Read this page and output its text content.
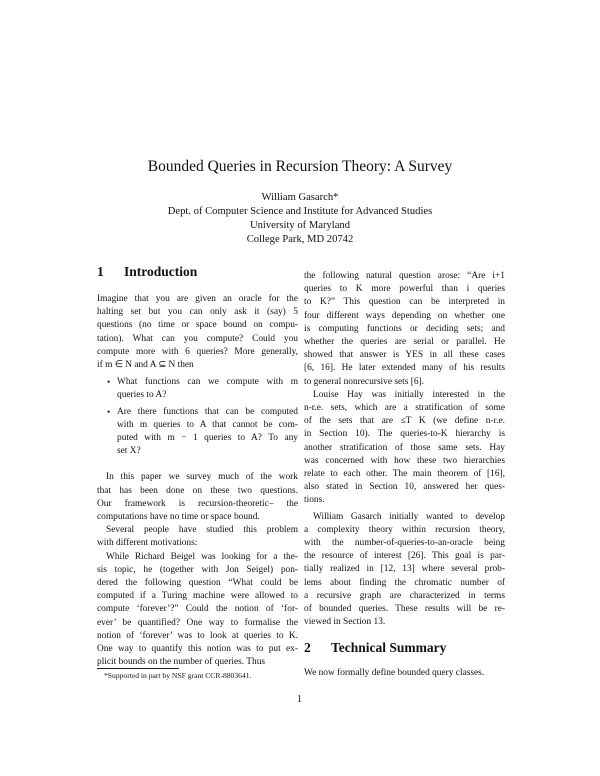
Bounded Queries in Recursion Theory: A Survey
William Gasarch*
Dept. of Computer Science and Institute for Advanced Studies
University of Maryland
College Park, MD 20742
1 Introduction
Imagine that you are given an oracle for the
halting set but you can only ask it (say) 5
questions (no time or space bound on compu-
tation). What can you compute? Could you
compute more with 6 queries? More generally,
if m ∈ N and A ⊆ N then
• What functions can we compute with m
queries to A?
• Are there functions that can be computed
with m queries to A that cannot be com-
puted with m − 1 queries to A? To any
set X?
In this paper we survey much of the work
that has been done on these two questions.
Our framework is recursion-theoretic– the
computations have no time or space bound.
Several people have studied this problem
with different motivations:
While Richard Beigel was looking for a the-
sis topic, he (together with Jon Seigel) pon-
dered the following question “What could be
computed if a Turing machine were allowed to
compute ‘forever’?” Could the notion of ‘for-
ever’ be quantified? One way to formalise the
notion of ‘forever’ was to look at queries to K.
One way to quantify this notion was to put ex-
plicit bounds on the number of queries. Thus
the following natural question arose: “Are i+1
queries to K more powerful than i queries
to K?” This question can be interpreted in
four different ways depending on whether one
is computing functions or deciding sets; and
whether the queries are serial or parallel. He
showed that answer is YES in all these cases
[6, 16]. He later extended many of his results
to general nonrecursive sets [6].
Louise Hay was initially interested in the
n-r.e. sets, which are a stratification of some
of the sets that are ≤T K (we define n-r.e.
in Section 10). The queries-to-K hierarchy is
another stratification of those same sets. Hay
was concerned with how these two hierarchies
relate to each other. The main theorem of [16],
also stated in Section 10, answered her ques-
tions.
William Gasarch initially wanted to develop
a complexity theory within recursion theory,
with the number-of-queries-to-an-oracle being
the resource of interest [26]. This goal is par-
tially realized in [12, 13] where several prob-
lems about finding the chromatic number of
a recursive graph are characterized in terms
of bounded queries. These results will be re-
viewed in Section 13.
2 Technical Summary
We now formally define bounded query classes.
*Supported in part by NSF grant CCR-8803641.
1
